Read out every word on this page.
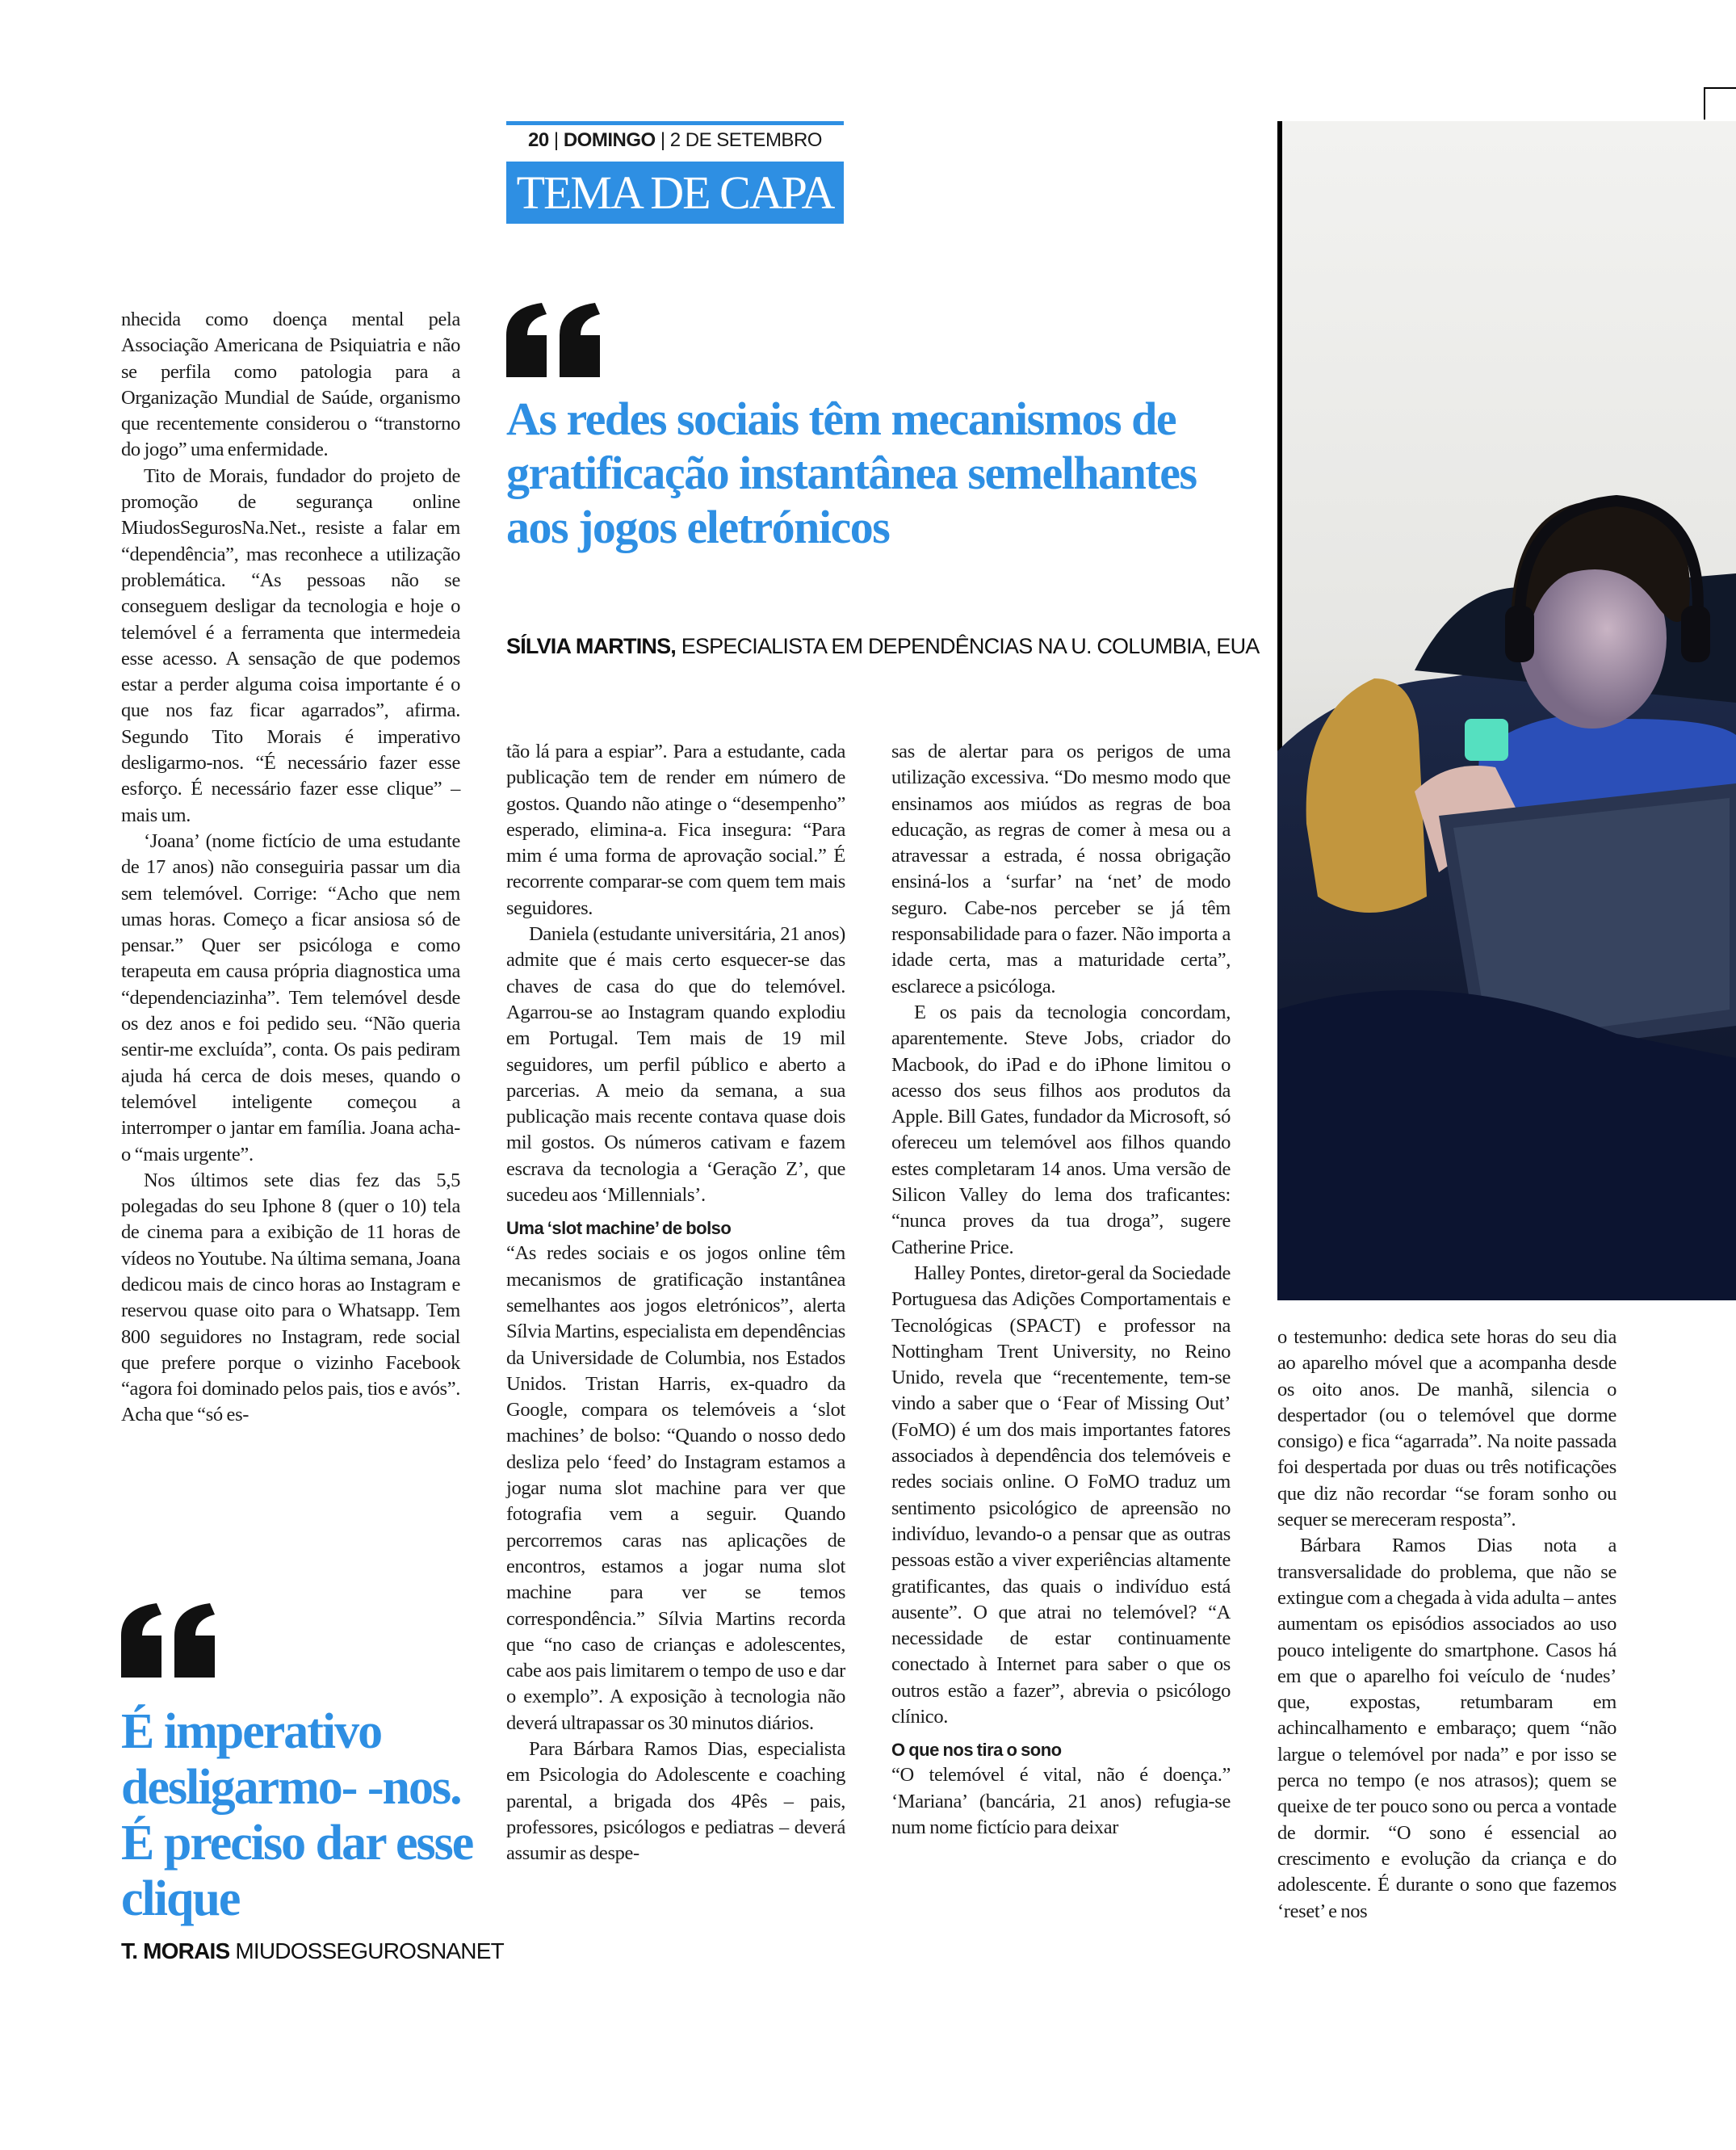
20 | DOMINGO | 2 DE SETEMBRO
TEMA DE CAPA
As redes sociais têm mecanismos de gratificação instantânea semelhantes aos jogos eletrónicos
SÍLVIA MARTINS, ESPECIALISTA EM DEPENDÊNCIAS NA U. COLUMBIA, EUA

nhecida como doença mental pela Associação Americana de Psiquiatria e não se perfila como patologia para a Organização Mundial de Saúde, organismo que recentemente considerou o “transtorno do jogo” uma enfermidade.

Tito de Morais, fundador do projeto de promoção de segurança online MiudosSegurosNa.Net., resiste a falar em “dependência”, mas reconhece a utilização problemática. “As pessoas não se conseguem desligar da tecnologia e hoje o telemóvel é a ferramenta que intermedeia esse acesso. A sensação de que podemos estar a perder alguma coisa importante é o que nos faz ficar agarrados”, afirma. Segundo Tito Morais é imperativo desligarmo-nos. “É necessário fazer esse esforço. É necessário fazer esse clique” – mais um.

‘Joana’ (nome fictício de uma estudante de 17 anos) não conseguiria passar um dia sem telemóvel. Corrige: “Acho que nem umas horas. Começo a ficar ansiosa só de pensar.” Quer ser psicóloga e como terapeuta em causa própria diagnostica uma “dependenciazinha”. Tem telemóvel desde os dez anos e foi pedido seu. “Não queria sentir-me excluída”, conta. Os pais pediram ajuda há cerca de dois meses, quando o telemóvel inteligente começou a interromper o jantar em família. Joana acha-o “mais urgente”.

Nos últimos sete dias fez das 5,5 polegadas do seu Iphone 8 (quer o 10) tela de cinema para a exibição de 11 horas de vídeos no Youtube. Na última semana, Joana dedicou mais de cinco horas ao Instagram e reservou quase oito para o Whatsapp. Tem 800 seguidores no Instagram, rede social que prefere porque o vizinho Facebook “agora foi dominado pelos pais, tios e avós”. Acha que “só es-

É imperativo desligarmo- -nos. É preciso dar esse clique
T. MORAIS MIUDOSSEGUROSNANET

tão lá para a espiar”. Para a estudante, cada publicação tem de render em número de gostos. Quando não atinge o “desempenho” esperado, elimina-a. Fica insegura: “Para mim é uma forma de aprovação social.” É recorrente comparar-se com quem tem mais seguidores.

Daniela (estudante universitária, 21 anos) admite que é mais certo esquecer-se das chaves de casa do que do telemóvel. Agarrou-se ao Instagram quando explodiu em Portugal. Tem mais de 19 mil seguidores, um perfil público e aberto a parcerias. A meio da semana, a sua publicação mais recente contava quase dois mil gostos. Os números cativam e fazem escrava da tecnologia a ‘Geração Z’, que sucedeu aos ‘Millennials’.

Uma ‘slot machine’ de bolso

“As redes sociais e os jogos online têm mecanismos de gratificação instantânea semelhantes aos jogos eletrónicos”, alerta Sílvia Martins, especialista em dependências da Universidade de Columbia, nos Estados Unidos. Tristan Harris, ex-quadro da Google, compara os telemóveis a ‘slot machines’ de bolso: “Quando o nosso dedo desliza pelo ‘feed’ do Instagram estamos a jogar numa slot machine para ver que fotografia vem a seguir. Quando percorremos caras nas aplicações de encontros, estamos a jogar numa slot machine para ver se temos correspondência.” Sílvia Martins recorda que “no caso de crianças e adolescentes, cabe aos pais limitarem o tempo de uso e dar o exemplo”. A exposição à tecnologia não deverá ultrapassar os 30 minutos diários.

Para Bárbara Ramos Dias, especialista em Psicologia do Adolescente e coaching parental, a brigada dos 4Pês – pais, professores, psicólogos e pediatras – deverá assumir as despe-

sas de alertar para os perigos de uma utilização excessiva. “Do mesmo modo que ensinamos aos miúdos as regras de boa educação, as regras de comer à mesa ou a atravessar a estrada, é nossa obrigação ensiná-los a ‘surfar’ na ‘net’ de modo seguro. Cabe-nos perceber se já têm responsabilidade para o fazer. Não importa a idade certa, mas a maturidade certa”, esclarece a psicóloga.

E os pais da tecnologia concordam, aparentemente. Steve Jobs, criador do Macbook, do iPad e do iPhone limitou o acesso dos seus filhos aos produtos da Apple. Bill Gates, fundador da Microsoft, só ofereceu um telemóvel aos filhos quando estes completaram 14 anos. Uma versão de Silicon Valley do lema dos traficantes: “nunca proves da tua droga”, sugere Catherine Price.

Halley Pontes, diretor-geral da Sociedade Portuguesa das Adições Comportamentais e Tecnológicas (SPACT) e professor na Nottingham Trent University, no Reino Unido, revela que “recentemente, tem-se vindo a saber que o ‘Fear of Missing Out’ (FoMO) é um dos mais importantes fatores associados à dependência dos telemóveis e redes sociais online. O FoMO traduz um sentimento psicológico de apreensão no indivíduo, levando-o a pensar que as outras pessoas estão a viver experiências altamente gratificantes, das quais o indivíduo está ausente”. O que atrai no telemóvel? “A necessidade de estar continuamente conectado à Internet para saber o que os outros estão a fazer”, abrevia o psicólogo clínico.

O que nos tira o sono

“O telemóvel é vital, não é doença.” ‘Mariana’ (bancária, 21 anos) refugia-se num nome fictício para deixar

o testemunho: dedica sete horas do seu dia ao aparelho móvel que a acompanha desde os oito anos. De manhã, silencia o despertador (ou o telemóvel que dorme consigo) e fica “agarrada”. Na noite passada foi despertada por duas ou três notificações que diz não recordar “se foram sonho ou sequer se mereceram resposta”.

Bárbara Ramos Dias nota a transversalidade do problema, que não se extingue com a chegada à vida adulta – antes aumentam os episódios associados ao uso pouco inteligente do smartphone. Casos há em que o aparelho foi veículo de ‘nudes’ que, expostas, retumbaram em achincalhamento e embaraço; quem “não largue o telemóvel por nada” e por isso se perca no tempo (e nos atrasos); quem se queixe de ter pouco sono ou perca a vontade de dormir. “O sono é essencial ao crescimento e evolução da criança e do adolescente. É durante o sono que fazemos ‘reset’ e nos
